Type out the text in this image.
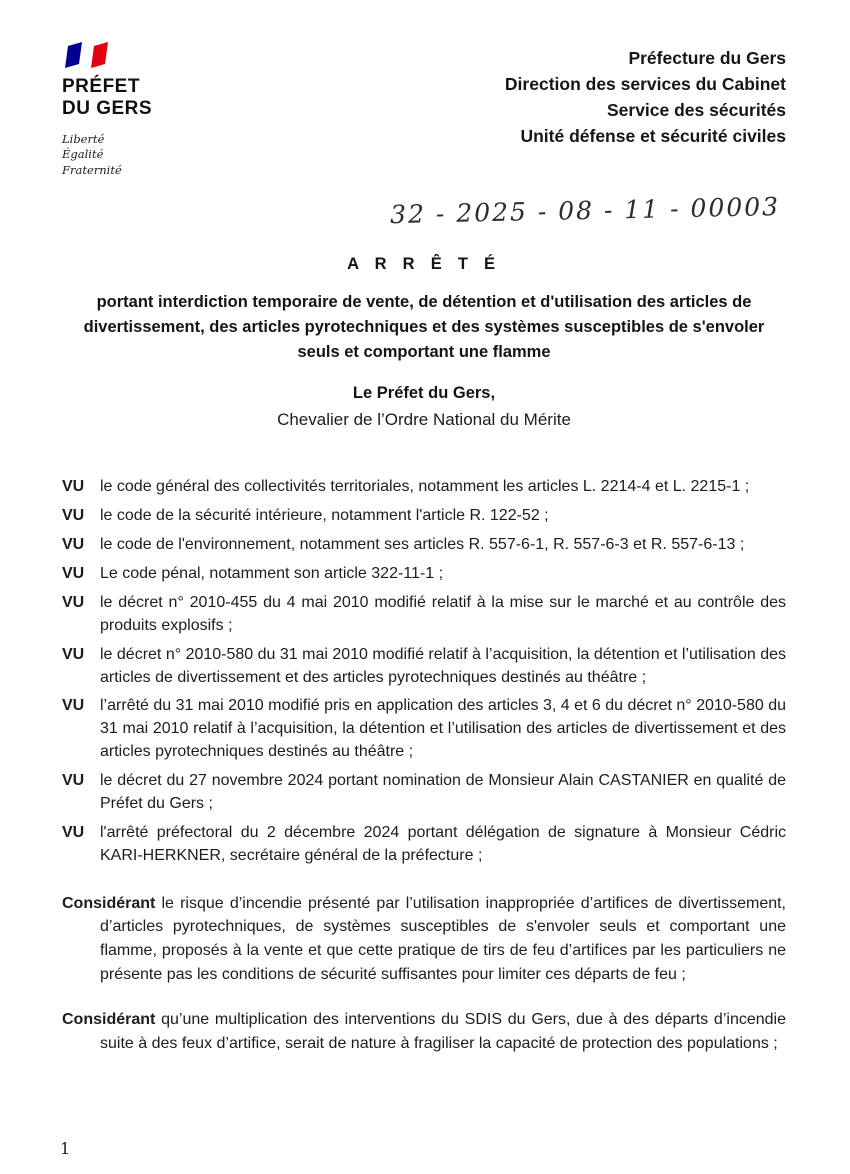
PRÉFET
DU GERS
Liberté
Égalité
Fraternité
Préfecture du Gers
Direction des services du Cabinet
Service des sécurités
Unité défense et sécurité civiles
32 - 2025 - 08 - 11 - 00003
A R R Ê T É
portant interdiction temporaire de vente, de détention et d'utilisation des articles de divertissement, des articles pyrotechniques et des systèmes susceptibles de s'envoler seuls et comportant une flamme
Le Préfet du Gers,
Chevalier de l’Ordre National du Mérite

VU le code général des collectivités territoriales, notamment les articles L. 2214-4 et L. 2215-1 ;

VU le code de la sécurité intérieure, notamment l'article R. 122-52 ;

VU le code de l'environnement, notamment ses articles R. 557-6-1, R. 557-6-3 et R. 557-6-13 ;

VU Le code pénal, notamment son article 322-11-1 ;

VU le décret n° 2010-455 du 4 mai 2010 modifié relatif à la mise sur le marché et au contrôle des produits explosifs ;

VU le décret n° 2010-580 du 31 mai 2010 modifié relatif à l’acquisition, la détention et l’utilisation des articles de divertissement et des articles pyrotechniques destinés au théâtre ;

VU l’arrêté du 31 mai 2010 modifié pris en application des articles 3, 4 et 6 du décret n° 2010-580 du 31 mai 2010 relatif à l’acquisition, la détention et l’utilisation des articles de divertissement et des articles pyrotechniques destinés au théâtre ;

VU le décret du 27 novembre 2024 portant nomination de Monsieur Alain CASTANIER en qualité de Préfet du Gers ;

VU l'arrêté préfectoral du 2 décembre 2024 portant délégation de signature à Monsieur Cédric KARI-HERKNER, secrétaire général de la préfecture ;

Considérant le risque d’incendie présenté par l’utilisation inappropriée d’artifices de divertissement, d’articles pyrotechniques, de systèmes susceptibles de s'envoler seuls et comportant une flamme, proposés à la vente et que cette pratique de tirs de feu d’artifices par les particuliers ne présente pas les conditions de sécurité suffisantes pour limiter ces départs de feu ;

Considérant qu’une multiplication des interventions du SDIS du Gers, due à des départs d’incendie suite à des feux d’artifice, serait de nature à fragiliser la capacité de protection des populations ;

1
